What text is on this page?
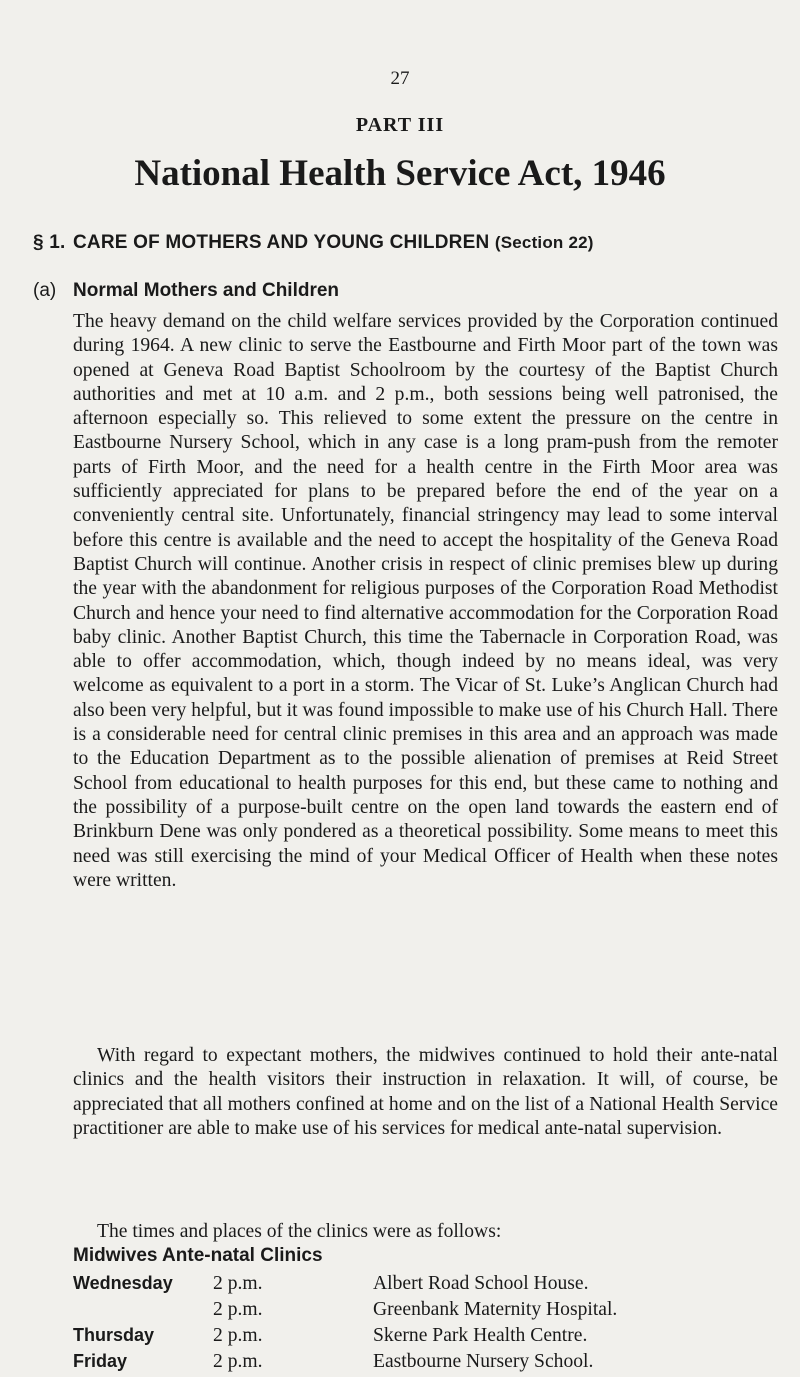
27
PART III
National Health Service Act, 1946
§ 1. CARE OF MOTHERS AND YOUNG CHILDREN (Section 22)
(a) Normal Mothers and Children

The heavy demand on the child welfare services provided by the Corporation continued during 1964. A new clinic to serve the Eastbourne and Firth Moor part of the town was opened at Geneva Road Baptist Schoolroom by the courtesy of the Baptist Church authorities and met at 10 a.m. and 2 p.m., both sessions being well patronised, the afternoon especially so. This relieved to some extent the pressure on the centre in Eastbourne Nursery School, which in any case is a long pram-push from the remoter parts of Firth Moor, and the need for a health centre in the Firth Moor area was sufficiently appreciated for plans to be prepared before the end of the year on a conveniently central site. Unfortunately, financial stringency may lead to some interval before this centre is available and the need to accept the hospitality of the Geneva Road Baptist Church will continue. Another crisis in respect of clinic premises blew up during the year with the abandonment for religious purposes of the Corporation Road Methodist Church and hence your need to find alternative accommodation for the Corporation Road baby clinic. Another Baptist Church, this time the Tabernacle in Corporation Road, was able to offer accommodation, which, though indeed by no means ideal, was very welcome as equivalent to a port in a storm. The Vicar of St. Luke’s Anglican Church had also been very helpful, but it was found impossible to make use of his Church Hall. There is a considerable need for central clinic premises in this area and an approach was made to the Education Department as to the possible alienation of premises at Reid Street School from educational to health purposes for this end, but these came to nothing and the possibility of a purpose-built centre on the open land towards the eastern end of Brinkburn Dene was only pondered as a theoretical possibility. Some means to meet this need was still exercising the mind of your Medical Officer of Health when these notes were written.

With regard to expectant mothers, the midwives continued to hold their ante-natal clinics and the health visitors their instruction in relaxation. It will, of course, be appreciated that all mothers confined at home and on the list of a National Health Service practitioner are able to make use of his services for medical ante-natal supervision.

The times and places of the clinics were as follows:

Midwives Ante-natal Clinics
Wednesday	2 p.m.	Albert Road School House.
	2 p.m.	Greenbank Maternity Hospital.
Thursday	2 p.m.	Skerne Park Health Centre.
Friday	2 p.m.	Eastbourne Nursery School.
